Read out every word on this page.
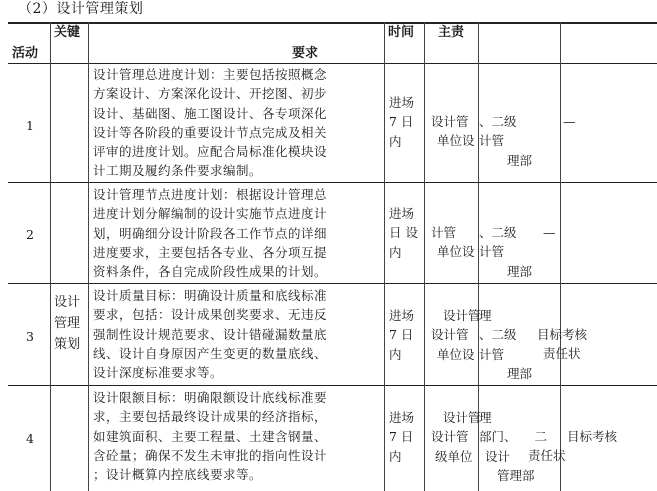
（2）设计管理策划
活动
关键
要求
时间 主责
设计
管理
策划
1
设计管理总进度计划：主要包括按照概念
方案设计、方案深化设计、开挖图、初步
设计、基础图、施工图设计、各专项深化
设计等各阶段的重要设计节点完成及相关
评审的进度计划。应配合局标准化模块设
计工期及履约条件要求编制。
进场
7 日
内
设计管
单位设
、二级
计管
理部
—
2
设计管理节点进度计划：根据设计管理总
进度计划分解编制的设计实施节点进度计
划，明确细分设计阶段各工作节点的详细
进度要求，主要包括各专业、各分项互提
资料条件，各自完成阶段性成果的计划。
进场
日 设
内
计管
单位设
、二级
计管
理部
—
3
设计质量目标：明确设计质量和底线标准
要求，包括：设计成果创奖要求、无违反
强制性设计规范要求、设计错碰漏数量底
线、设计自身原因产生变更的数量底线、
设计深度标准要求等。
进场
7 日
内
设计管
设计管
单位设
理
、二级
计管
理部
目标考核
责任状
4
设计限额目标：明确限额设计底线标准要
求，主要包括最终设计成果的经济指标，
如建筑面积、主要工程量、土建含钢量、
含砼量；确保不发生未审批的指向性设计
；设计概算内控底线要求等。
进场
7 日
内
设计管
设计管
级单位
理
部门、 二
设计
管理部
目标考核
责任状
